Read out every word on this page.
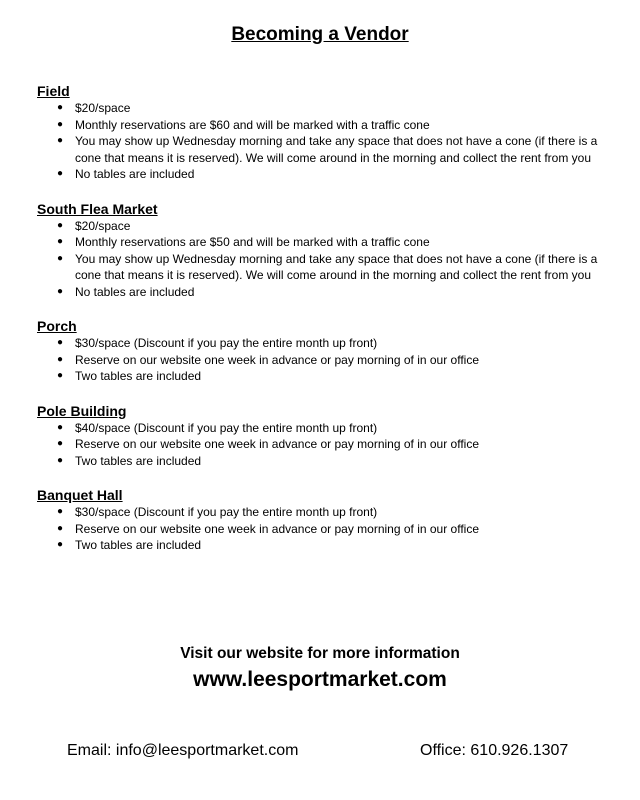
Becoming a Vendor
Field
● $20/space
● Monthly reservations are $60 and will be marked with a traffic cone
● You may show up Wednesday morning and take any space that does not have a cone (if there is a cone that means it is reserved). We will come around in the morning and collect the rent from you
● No tables are included
South Flea Market
● $20/space
● Monthly reservations are $50 and will be marked with a traffic cone
● You may show up Wednesday morning and take any space that does not have a cone (if there is a cone that means it is reserved). We will come around in the morning and collect the rent from you
● No tables are included
Porch
● $30/space (Discount if you pay the entire month up front)
● Reserve on our website one week in advance or pay morning of in our office
● Two tables are included
Pole Building
● $40/space (Discount if you pay the entire month up front)
● Reserve on our website one week in advance or pay morning of in our office
● Two tables are included
Banquet Hall
● $30/space (Discount if you pay the entire month up front)
● Reserve on our website one week in advance or pay morning of in our office
● Two tables are included
Visit our website for more information
www.leesportmarket.com
Email: info@leesportmarket.com	Office: 610.926.1307
